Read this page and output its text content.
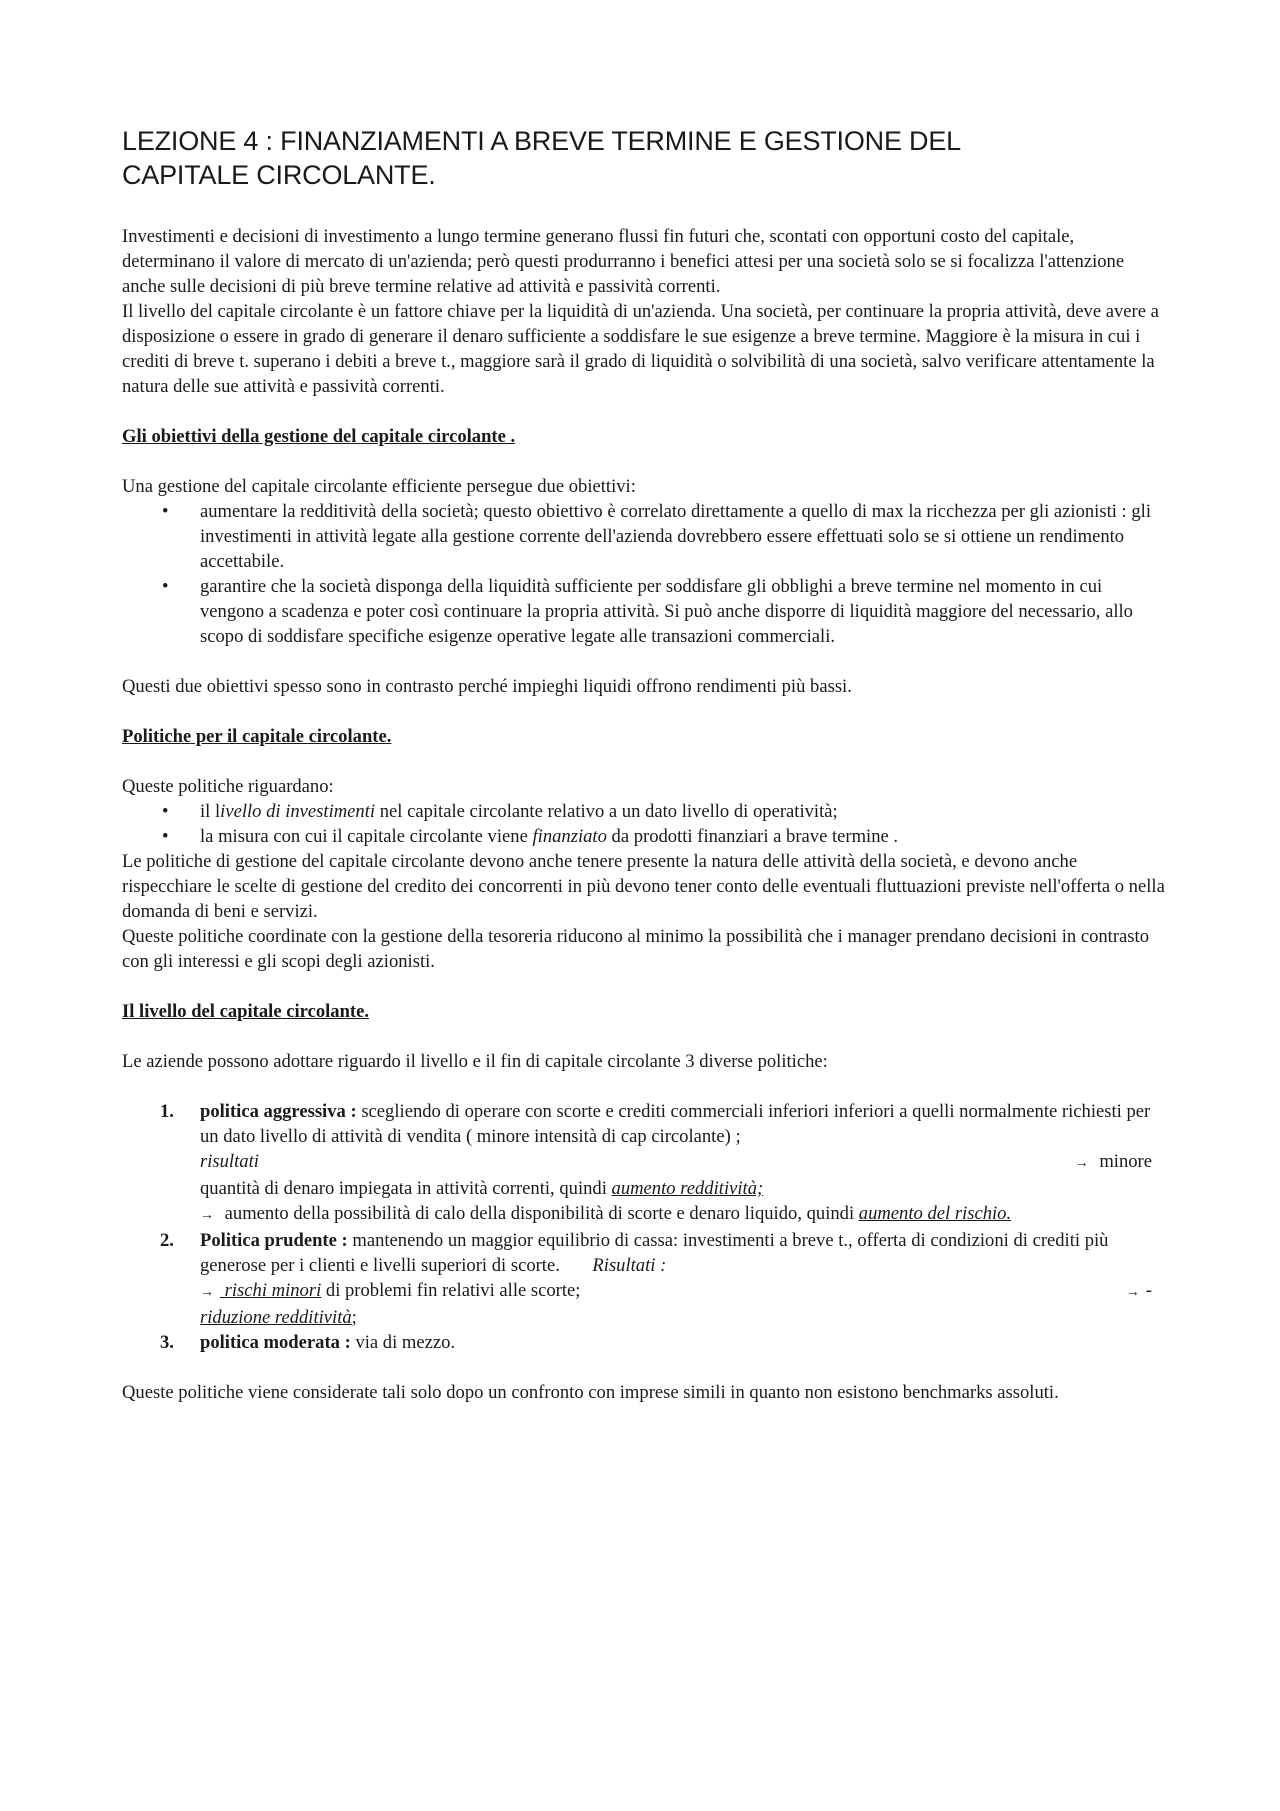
LEZIONE 4 : FINANZIAMENTI A BREVE TERMINE E GESTIONE DEL
CAPITALE CIRCOLANTE.

Investimenti e decisioni di investimento a lungo termine generano flussi fin futuri che, scontati con opportuni costo del capitale, determinano il valore di mercato di un'azienda; però questi produrranno i benefici attesi per una società solo se si focalizza l'attenzione anche sulle decisioni di più breve termine relative ad attività e passività correnti.

Il livello del capitale circolante è un fattore chiave per la liquidità di un'azienda. Una società, per continuare la propria attività, deve avere a disposizione o essere in grado di generare il denaro sufficiente a soddisfare le sue esigenze a breve termine. Maggiore è la misura in cui i crediti di breve t. superano i debiti a breve t., maggiore sarà il grado di liquidità o solvibilità di una società, salvo verificare attentamente la natura delle sue attività e passività correnti.

Gli obiettivi della gestione del capitale circolante .

Una gestione del capitale circolante efficiente persegue due obiettivi:

• aumentare la redditività della società; questo obiettivo è correlato direttamente a quello di max la ricchezza per gli azionisti : gli investimenti in attività legate alla gestione corrente dell'azienda dovrebbero essere effettuati solo se si ottiene un rendimento accettabile.
• garantire che la società disponga della liquidità sufficiente per soddisfare gli obblighi a breve termine nel momento in cui vengono a scadenza e poter così continuare la propria attività. Si può anche disporre di liquidità maggiore del necessario, allo scopo di soddisfare specifiche esigenze operative legate alle transazioni commerciali.

Questi due obiettivi spesso sono in contrasto perché impieghi liquidi offrono rendimenti più bassi.

Politiche per il capitale circolante.

Queste politiche riguardano:

• il livello di investimenti nel capitale circolante relativo a un dato livello di operatività;
• la misura con cui il capitale circolante viene finanziato da prodotti finanziari a brave termine .

Le politiche di gestione del capitale circolante devono anche tenere presente la natura delle attività della società, e devono anche rispecchiare le scelte di gestione del credito dei concorrenti in più devono tener conto delle eventuali fluttuazioni previste nell'offerta o nella domanda di beni e servizi.

Queste politiche coordinate con la gestione della tesoreria riducono al minimo la possibilità che i manager prendano decisioni in contrasto con gli interessi e gli scopi degli azionisti.

Il livello del capitale circolante.

Le aziende possono adottare riguardo il livello e il fin di capitale circolante 3 diverse politiche:

1. politica aggressiva : scegliendo di operare con scorte e crediti commerciali inferiori inferiori a quelli normalmente richiesti per un dato livello di attività di vendita ( minore intensità di cap circolante) ;
risultati	→ minore
quantità di denaro impiegata in attività correnti, quindi aumento redditività;
→ aumento della possibilità di calo della disponibilità di scorte e denaro liquido, quindi aumento del rischio.
2. Politica prudente : mantenendo un maggior equilibrio di cassa: investimenti a breve t., offerta di condizioni di crediti più generose per i clienti e livelli superiori di scorte. Risultati :
→ rischi minori di problemi fin relativi alle scorte;	→ -
riduzione redditività;
3. politica moderata : via di mezzo.

Queste politiche viene considerate tali solo dopo un confronto con imprese simili in quanto non esistono benchmarks assoluti.
